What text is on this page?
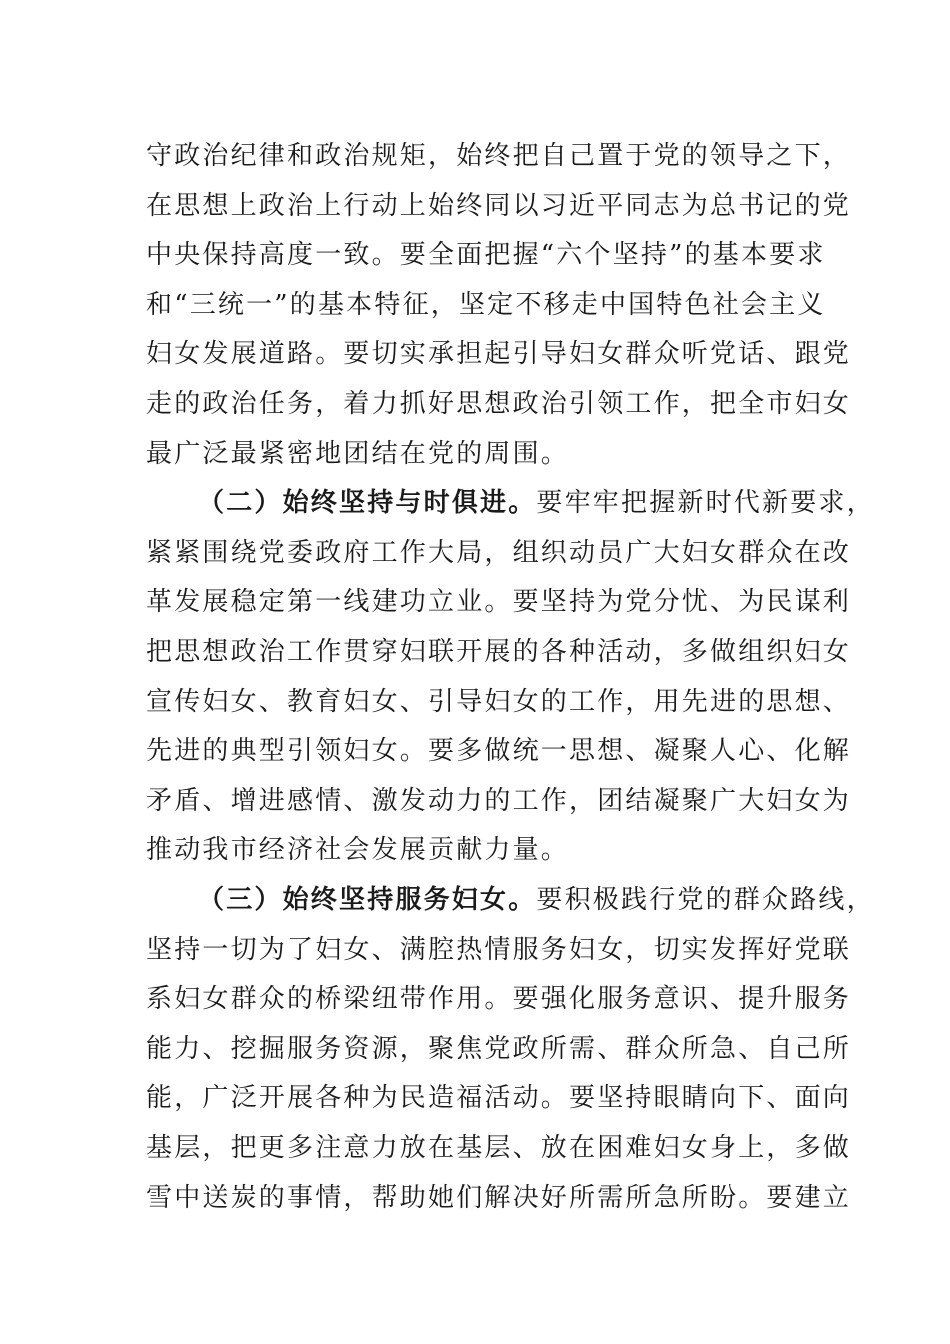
守政治纪律和政治规矩，始终把自己置于党的领导之下，
在思想上政治上行动上始终同以习近平同志为总书记的党
中央保持高度一致。要全面把握“六个坚持”的基本要求
和“三统一”的基本特征，坚定不移走中国特色社会主义
妇女发展道路。要切实承担起引导妇女群众听党话、跟党
走的政治任务，着力抓好思想政治引领工作，把全市妇女
最广泛最紧密地团结在党的周围。
（二）始终坚持与时俱进。要牢牢把握新时代新要求，
紧紧围绕党委政府工作大局，组织动员广大妇女群众在改
革发展稳定第一线建功立业。要坚持为党分忧、为民谋利
把思想政治工作贯穿妇联开展的各种活动，多做组织妇女
宣传妇女、教育妇女、引导妇女的工作，用先进的思想、
先进的典型引领妇女。要多做统一思想、凝聚人心、化解
矛盾、增进感情、激发动力的工作，团结凝聚广大妇女为
推动我市经济社会发展贡献力量。
（三）始终坚持服务妇女。要积极践行党的群众路线，
坚持一切为了妇女、满腔热情服务妇女，切实发挥好党联
系妇女群众的桥梁纽带作用。要强化服务意识、提升服务
能力、挖掘服务资源，聚焦党政所需、群众所急、自己所
能，广泛开展各种为民造福活动。要坚持眼睛向下、面向
基层，把更多注意力放在基层、放在困难妇女身上，多做
雪中送炭的事情，帮助她们解决好所需所急所盼。要建立
